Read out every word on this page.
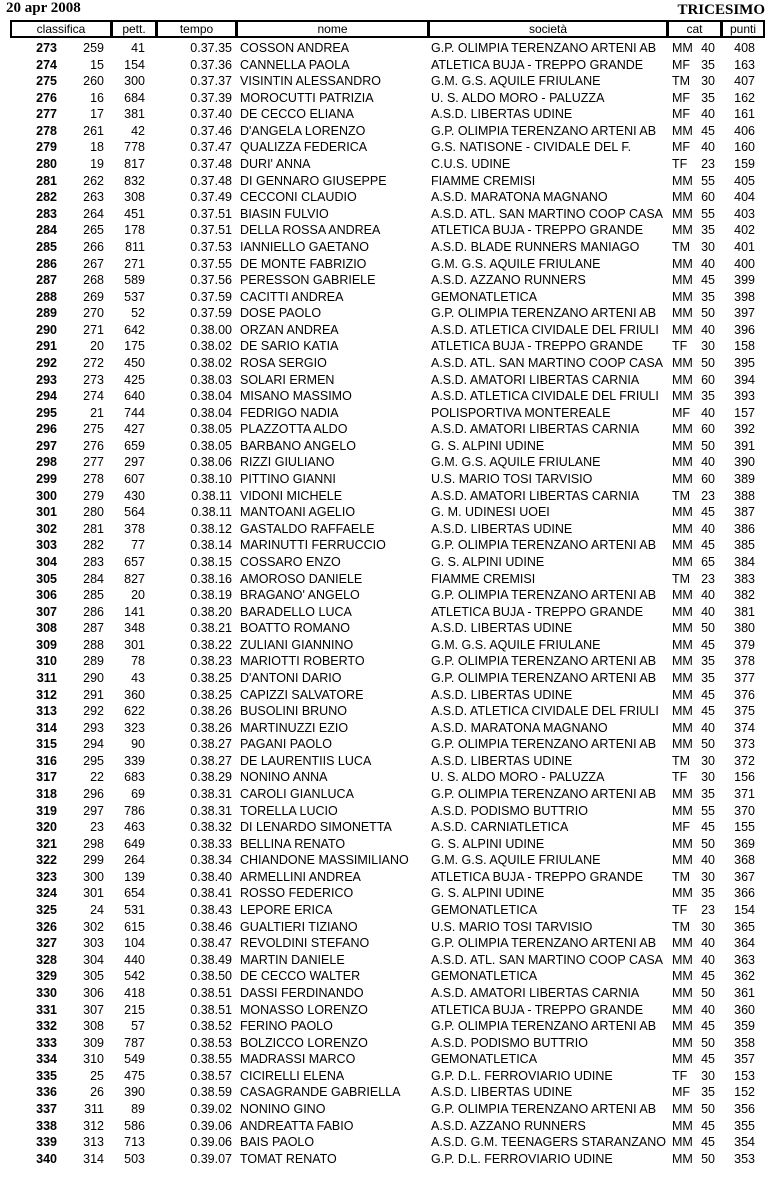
20 apr 2008	TRICESIMO
classifica	pett.	tempo	nome	società	cat	punti
273	259	41	0.37.35 COSSON ANDREA	G.P. OLIMPIA TERENZANO ARTENI AB	MM 40	408
274	15	154	0.37.36 CANNELLA PAOLA	ATLETICA BUJA - TREPPO GRANDE	MF 35	163
275	260	300	0.37.37 VISINTIN ALESSANDRO	G.M. G.S. AQUILE FRIULANE	TM 30	407
276	16	684	0.37.39 MOROCUTTI PATRIZIA	U. S. ALDO MORO - PALUZZA	MF 35	162
277	17	381	0.37.40 DE CECCO ELIANA	A.S.D. LIBERTAS UDINE	MF 40	161
278	261	42	0.37.46 D'ANGELA LORENZO	G.P. OLIMPIA TERENZANO ARTENI AB	MM 45	406
279	18	778	0.37.47 QUALIZZA FEDERICA	G.S. NATISONE - CIVIDALE DEL F.	MF 40	160
280	19	817	0.37.48 DURI' ANNA	C.U.S. UDINE	TF	23	159
281	262	832	0.37.48 DI GENNARO GIUSEPPE	FIAMME CREMISI	MM 55	405
282	263	308	0.37.49 CECCONI CLAUDIO	A.S.D. MARATONA MAGNANO	MM 60	404
283	264	451	0.37.51 BIASIN FULVIO	A.S.D. ATL. SAN MARTINO COOP CASA MM 55	403
284	265	178	0.37.51 DELLA ROSSA ANDREA	ATLETICA BUJA - TREPPO GRANDE	MM 35	402
285	266	811	0.37.53 IANNIELLO GAETANO	A.S.D. BLADE RUNNERS MANIAGO	TM 30	401
286	267	271	0.37.55 DE MONTE FABRIZIO	G.M. G.S. AQUILE FRIULANE	MM 40	400
287	268	589	0.37.56 PERESSON GABRIELE	A.S.D. AZZANO RUNNERS	MM 45	399
288	269	537	0.37.59 CACITTI ANDREA	GEMONATLETICA	MM 35	398
289	270	52	0.37.59 DOSE PAOLO	G.P. OLIMPIA TERENZANO ARTENI AB	MM 50	397
290	271	642	0.38.00 ORZAN ANDREA	A.S.D. ATLETICA CIVIDALE DEL FRIULI	MM 40	396
291	20	175	0.38.02 DE SARIO KATIA	ATLETICA BUJA - TREPPO GRANDE	TF	30	158
292	272	450	0.38.02 ROSA SERGIO	A.S.D. ATL. SAN MARTINO COOP CASA MM 50	395
293	273	425	0.38.03 SOLARI ERMEN	A.S.D. AMATORI LIBERTAS CARNIA	MM 60	394
294	274	640	0.38.04 MISANO MASSIMO	A.S.D. ATLETICA CIVIDALE DEL FRIULI	MM 35	393
295	21	744	0.38.04 FEDRIGO NADIA	POLISPORTIVA MONTEREALE	MF 40	157
296	275	427	0.38.05 PLAZZOTTA ALDO	A.S.D. AMATORI LIBERTAS CARNIA	MM 60	392
297	276	659	0.38.05 BARBANO ANGELO	G. S. ALPINI UDINE	MM 50	391
298	277	297	0.38.06 RIZZI GIULIANO	G.M. G.S. AQUILE FRIULANE	MM 40	390
299	278	607	0.38.10 PITTINO GIANNI	U.S. MARIO TOSI TARVISIO	MM 60	389
300	279	430	0.38.11 VIDONI MICHELE	A.S.D. AMATORI LIBERTAS CARNIA	TM 23	388
301	280	564	0.38.11 MANTOANI AGELIO	G. M. UDINESI UOEI	MM 45	387
302	281	378	0.38.12 GASTALDO RAFFAELE	A.S.D. LIBERTAS UDINE	MM 40	386
303	282	77	0.38.14 MARINUTTI FERRUCCIO	G.P. OLIMPIA TERENZANO ARTENI AB	MM 45	385
304	283	657	0.38.15 COSSARO ENZO	G. S. ALPINI UDINE	MM 65	384
305	284	827	0.38.16 AMOROSO DANIELE	FIAMME CREMISI	TM 23	383
306	285	20	0.38.19 BRAGANO' ANGELO	G.P. OLIMPIA TERENZANO ARTENI AB	MM 40	382
307	286	141	0.38.20 BARADELLO LUCA	ATLETICA BUJA - TREPPO GRANDE	MM 40	381
308	287	348	0.38.21 BOATTO ROMANO	A.S.D. LIBERTAS UDINE	MM 50	380
309	288	301	0.38.22 ZULIANI GIANNINO	G.M. G.S. AQUILE FRIULANE	MM 45	379
310	289	78	0.38.23 MARIOTTI ROBERTO	G.P. OLIMPIA TERENZANO ARTENI AB	MM 35	378
311	290	43	0.38.25 D'ANTONI DARIO	G.P. OLIMPIA TERENZANO ARTENI AB	MM 35	377
312	291	360	0.38.25 CAPIZZI SALVATORE	A.S.D. LIBERTAS UDINE	MM 45	376
313	292	622	0.38.26 BUSOLINI BRUNO	A.S.D. ATLETICA CIVIDALE DEL FRIULI	MM 45	375
314	293	323	0.38.26 MARTINUZZI EZIO	A.S.D. MARATONA MAGNANO	MM 40	374
315	294	90	0.38.27 PAGANI PAOLO	G.P. OLIMPIA TERENZANO ARTENI AB	MM 50	373
316	295	339	0.38.27 DE LAURENTIIS LUCA	A.S.D. LIBERTAS UDINE	TM 30	372
317	22	683	0.38.29 NONINO ANNA	U. S. ALDO MORO - PALUZZA	TF	30	156
318	296	69	0.38.31 CAROLI GIANLUCA	G.P. OLIMPIA TERENZANO ARTENI AB	MM 35	371
319	297	786	0.38.31 TORELLA LUCIO	A.S.D. PODISMO BUTTRIO	MM 55	370
320	23	463	0.38.32 DI LENARDO SIMONETTA	A.S.D. CARNIATLETICA	MF 45	155
321	298	649	0.38.33 BELLINA RENATO	G. S. ALPINI UDINE	MM 50	369
322	299	264	0.38.34 CHIANDONE MASSIMILIANO	G.M. G.S. AQUILE FRIULANE	MM 40	368
323	300	139	0.38.40 ARMELLINI ANDREA	ATLETICA BUJA - TREPPO GRANDE	TM 30	367
324	301	654	0.38.41 ROSSO FEDERICO	G. S. ALPINI UDINE	MM 35	366
325	24	531	0.38.43 LEPORE ERICA	GEMONATLETICA	TF	23	154
326	302	615	0.38.46 GUALTIERI TIZIANO	U.S. MARIO TOSI TARVISIO	TM 30	365
327	303	104	0.38.47 REVOLDINI STEFANO	G.P. OLIMPIA TERENZANO ARTENI AB	MM 40	364
328	304	440	0.38.49 MARTIN DANIELE	A.S.D. ATL. SAN MARTINO COOP CASA MM 40	363
329	305	542	0.38.50 DE CECCO WALTER	GEMONATLETICA	MM 45	362
330	306	418	0.38.51 DASSI FERDINANDO	A.S.D. AMATORI LIBERTAS CARNIA	MM 50	361
331	307	215	0.38.51 MONASSO LORENZO	ATLETICA BUJA - TREPPO GRANDE	MM 40	360
332	308	57	0.38.52 FERINO PAOLO	G.P. OLIMPIA TERENZANO ARTENI AB	MM 45	359
333	309	787	0.38.53 BOLZICCO LORENZO	A.S.D. PODISMO BUTTRIO	MM 50	358
334	310	549	0.38.55 MADRASSI MARCO	GEMONATLETICA	MM 45	357
335	25	475	0.38.57 CICIRELLI ELENA	G.P. D.L. FERROVIARIO UDINE	TF	30	153
336	26	390	0.38.59 CASAGRANDE GABRIELLA	A.S.D. LIBERTAS UDINE	MF 35	152
337	311	89	0.39.02 NONINO GINO	G.P. OLIMPIA TERENZANO ARTENI AB	MM 50	356
338	312	586	0.39.06 ANDREATTA FABIO	A.S.D. AZZANO RUNNERS	MM 45	355
339	313	713	0.39.06 BAIS PAOLO	A.S.D. G.M. TEENAGERS STARANZANO MM 45	354
340	314	503	0.39.07 TOMAT RENATO	G.P. D.L. FERROVIARIO UDINE	MM 50	353
